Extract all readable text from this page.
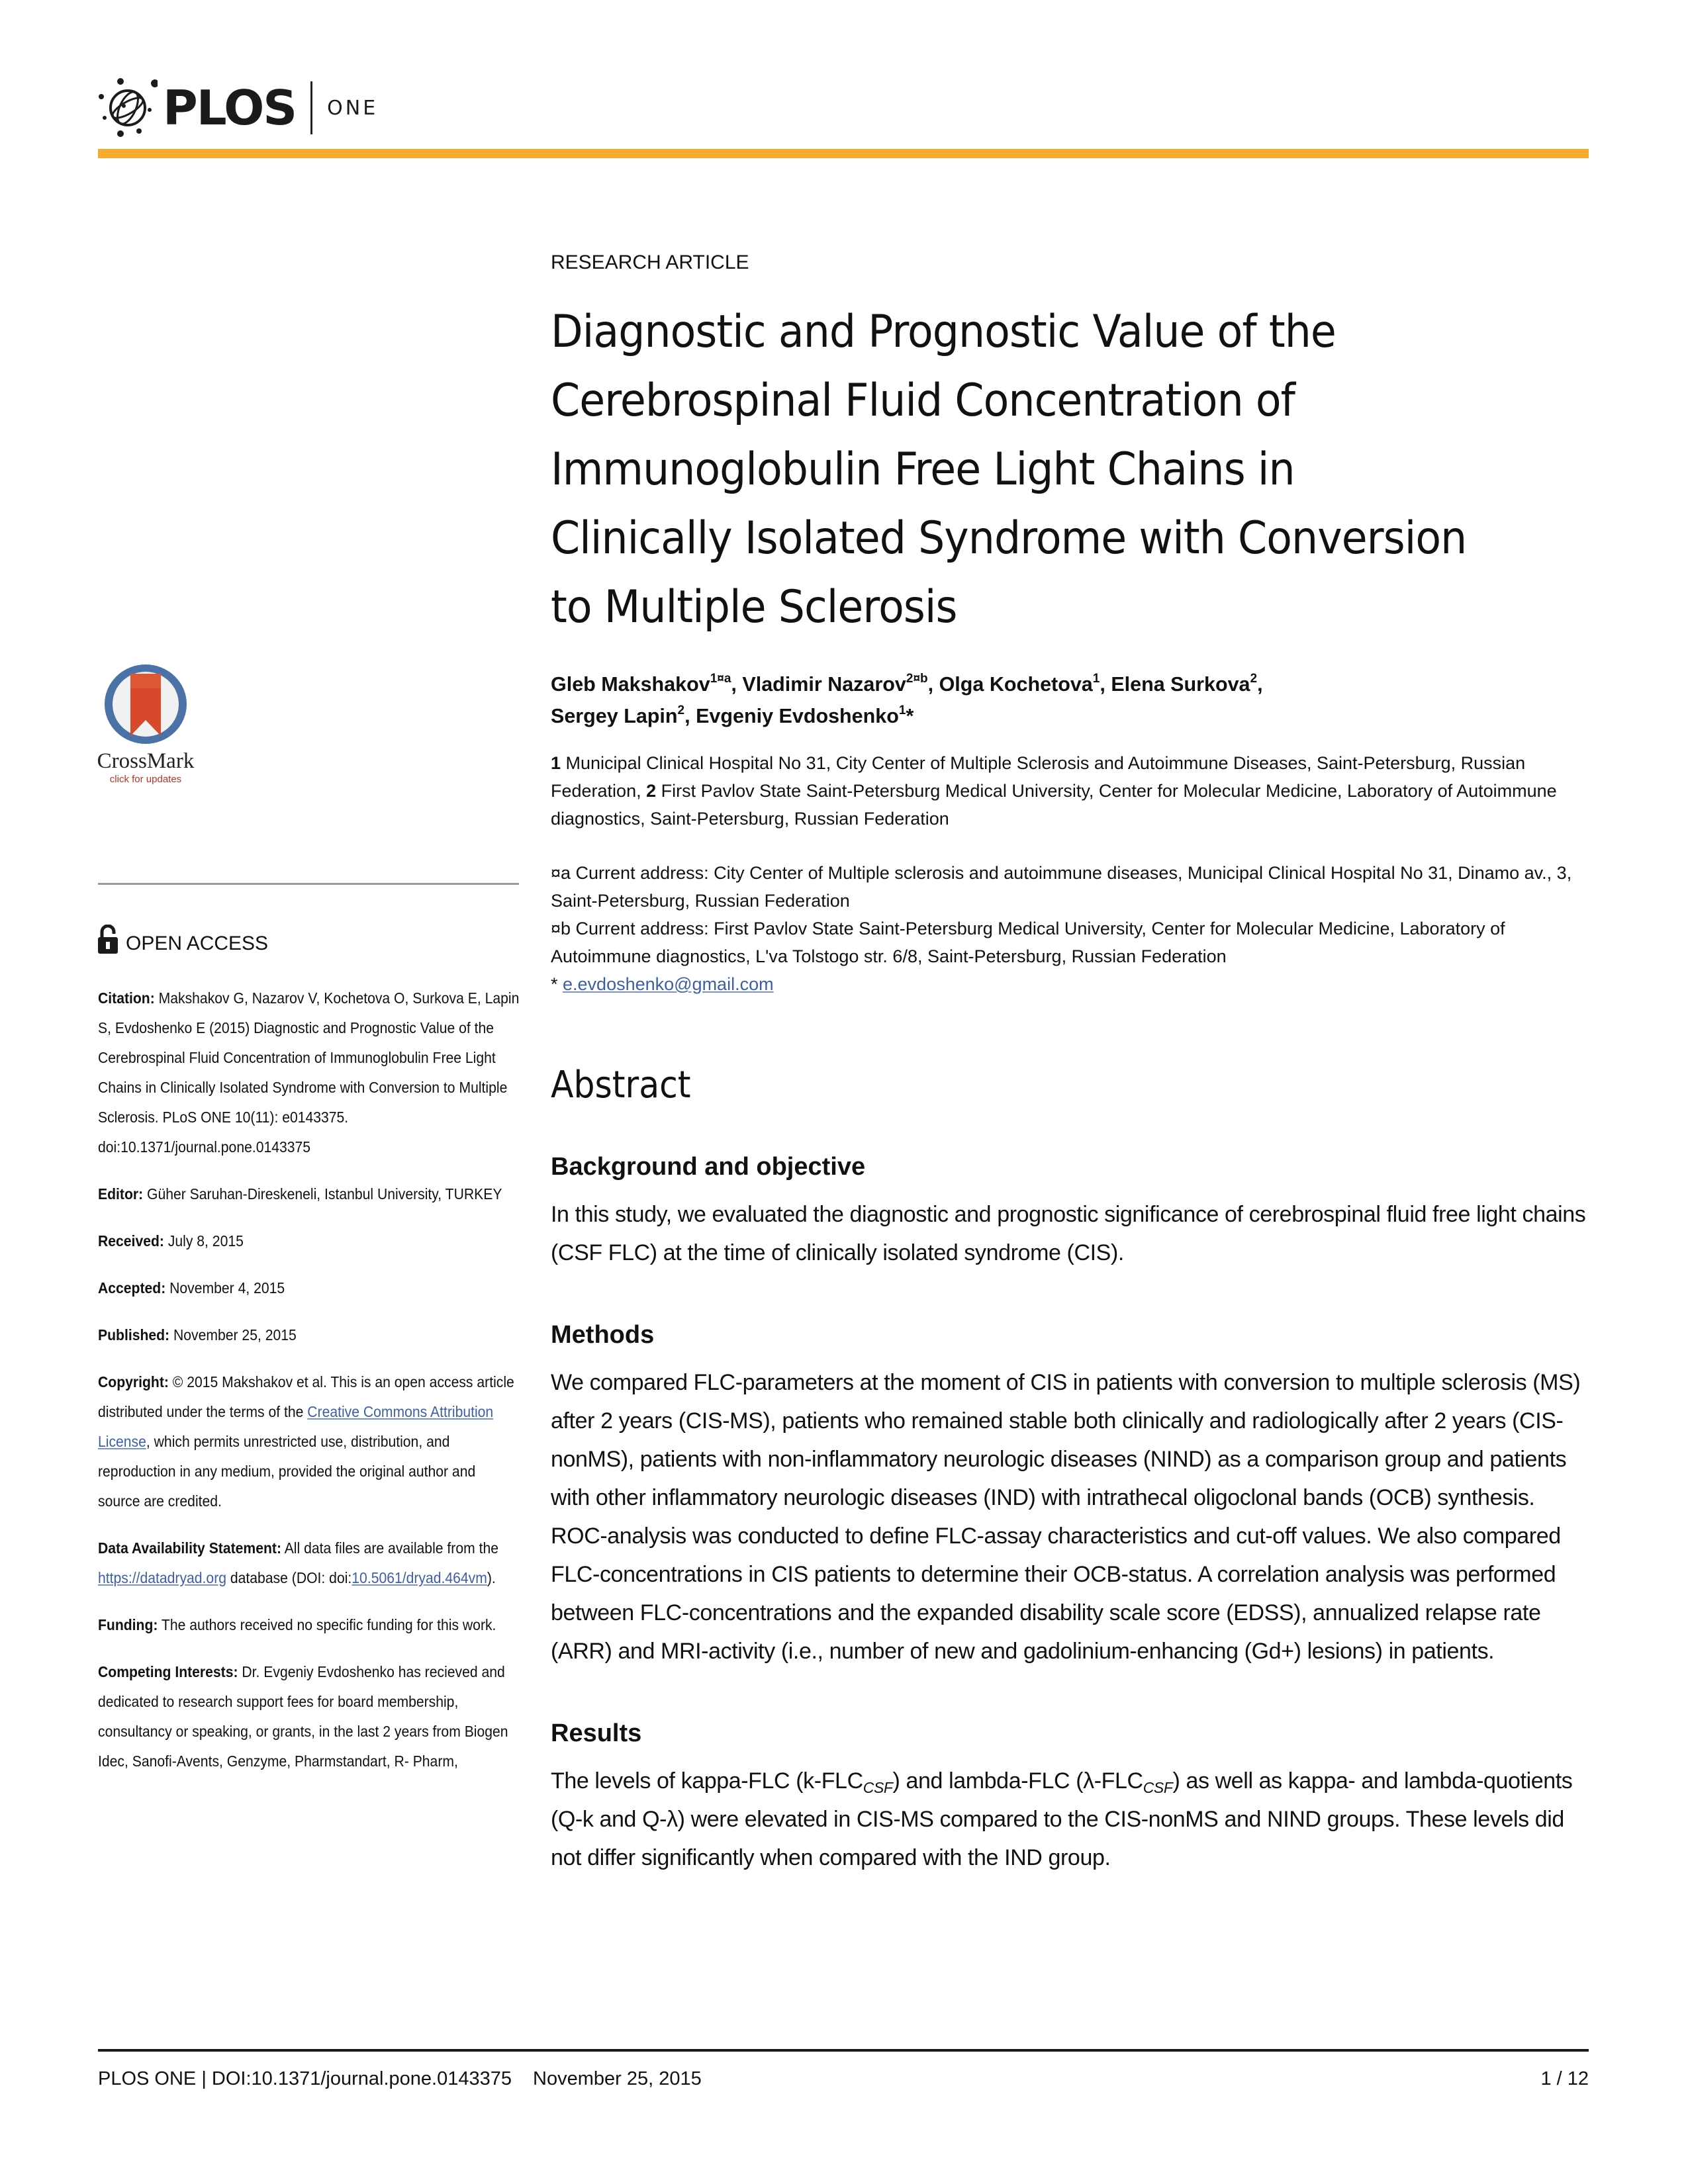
PLOS ONE
CrossMark
click for updates
OPEN ACCESS

Citation: Makshakov G, Nazarov V, Kochetova O, Surkova E, Lapin S, Evdoshenko E (2015) Diagnostic and Prognostic Value of the Cerebrospinal Fluid Concentration of Immunoglobulin Free Light Chains in Clinically Isolated Syndrome with Conversion to Multiple Sclerosis. PLoS ONE 10(11): e0143375. doi:10.1371/journal.pone.0143375

Editor: Güher Saruhan-Direskeneli, Istanbul University, TURKEY

Received: July 8, 2015

Accepted: November 4, 2015

Published: November 25, 2015

Copyright: © 2015 Makshakov et al. This is an open access article distributed under the terms of the Creative Commons Attribution License, which permits unrestricted use, distribution, and reproduction in any medium, provided the original author and source are credited.

Data Availability Statement: All data files are available from the https://datadryad.org database (DOI: doi:10.5061/dryad.464vm).

Funding: The authors received no specific funding for this work.

Competing Interests: Dr. Evgeniy Evdoshenko has recieved and dedicated to research support fees for board membership, consultancy or speaking, or grants, in the last 2 years from Biogen Idec, Sanofi-Avents, Genzyme, Pharmstandart, R- Pharm,

RESEARCH ARTICLE
Diagnostic and Prognostic Value of the
Cerebrospinal Fluid Concentration of
Immunoglobulin Free Light Chains in
Clinically Isolated Syndrome with Conversion
to Multiple Sclerosis
Gleb Makshakov$^{1¤a}$, Vladimir Nazarov$^{2¤b}$, Olga Kochetova$^1$, Elena Surkova$^2$,
Sergey Lapin$^2$, Evgeniy Evdoshenko$^1$*
1 Municipal Clinical Hospital No 31, City Center of Multiple Sclerosis and Autoimmune Diseases, Saint-Petersburg, Russian Federation, 2 First Pavlov State Saint-Petersburg Medical University, Center for Molecular Medicine, Laboratory of Autoimmune diagnostics, Saint-Petersburg, Russian Federation
¤a Current address: City Center of Multiple sclerosis and autoimmune diseases, Municipal Clinical Hospital No 31, Dinamo av., 3, Saint-Petersburg, Russian Federation
¤b Current address: First Pavlov State Saint-Petersburg Medical University, Center for Molecular Medicine, Laboratory of Autoimmune diagnostics, L'va Tolstogo str. 6/8, Saint-Petersburg, Russian Federation
* e.evdoshenko@gmail.com
Abstract
Background and objective
In this study, we evaluated the diagnostic and prognostic significance of cerebrospinal fluid free light chains (CSF FLC) at the time of clinically isolated syndrome (CIS).
Methods
We compared FLC-parameters at the moment of CIS in patients with conversion to multiple sclerosis (MS) after 2 years (CIS-MS), patients who remained stable both clinically and radiologically after 2 years (CIS-nonMS), patients with non-inflammatory neurologic diseases (NIND) as a comparison group and patients with other inflammatory neurologic diseases (IND) with intrathecal oligoclonal bands (OCB) synthesis. ROC-analysis was conducted to define FLC-assay characteristics and cut-off values. We also compared FLC-concentrations in CIS patients to determine their OCB-status. A correlation analysis was performed between FLC-concentrations and the expanded disability scale score (EDSS), annualized relapse rate (ARR) and MRI-activity (i.e., number of new and gadolinium-enhancing (Gd+) lesions) in patients.
Results
The levels of kappa-FLC $(k-FLC_{CSF})$ and lambda-FLC $(\lambda-FLC_{CSF})$ as well as kappa- and lambda-quotients (Q-k and Q-λ) were elevated in CIS-MS compared to the CIS-nonMS and NIND groups. These levels did not differ significantly when compared with the IND group.
PLOS ONE | DOI:10.1371/journal.pone.0143375 November 25, 2015	1 / 12
